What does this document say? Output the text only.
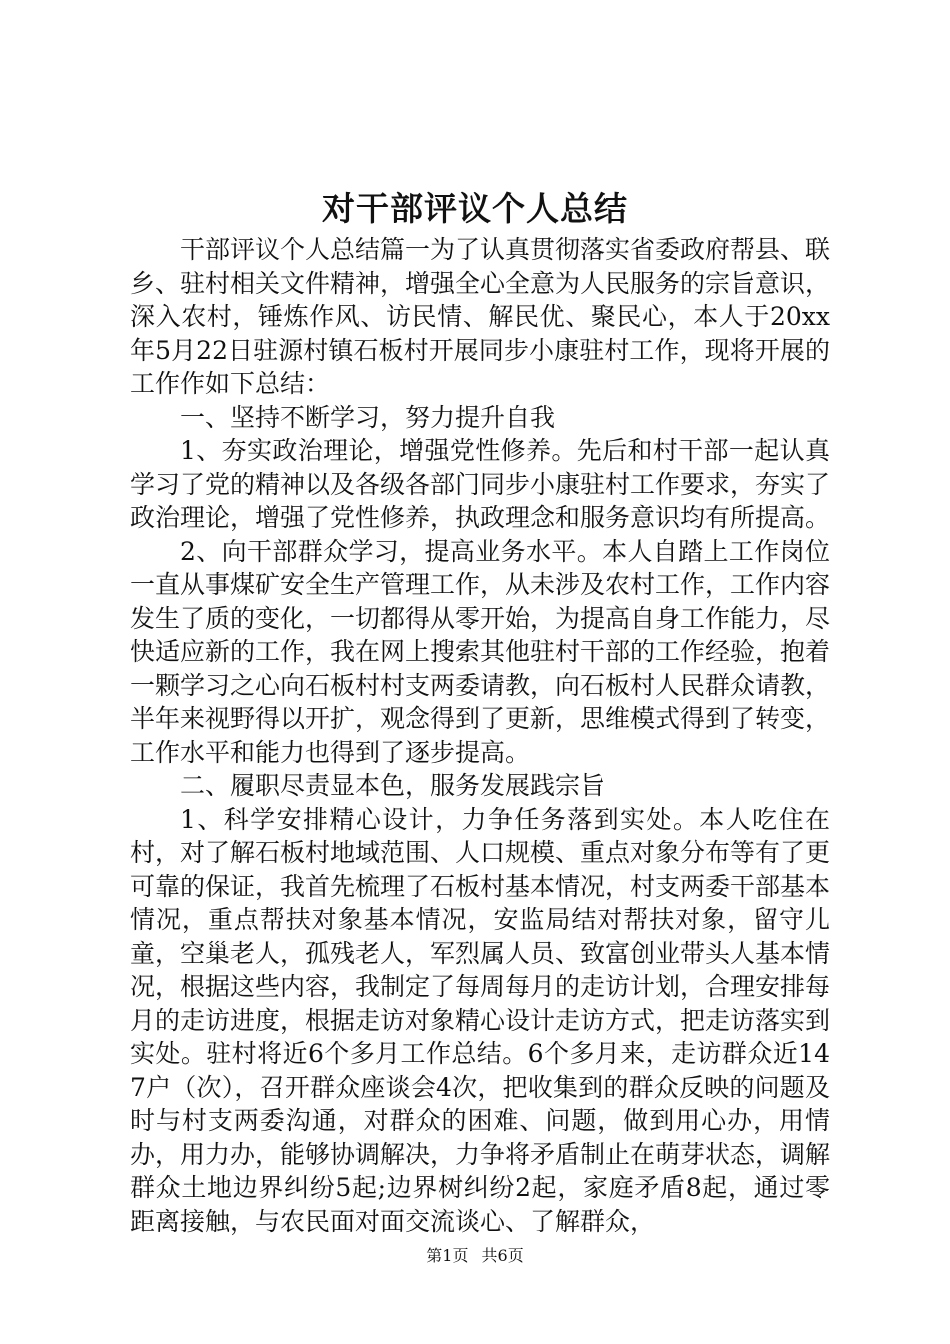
对干部评议个人总结

干部评议个人总结篇一为了认真贯彻落实省委政府帮县、联乡、驻村相关文件精神，增强全心全意为人民服务的宗旨意识，深入农村，锤炼作风、访民情、解民优、聚民心，本人于20xx年5月22日驻源村镇石板村开展同步小康驻村工作，现将开展的工作作如下总结：

一、坚持不断学习，努力提升自我

1、夯实政治理论，增强党性修养。先后和村干部一起认真学习了党的精神以及各级各部门同步小康驻村工作要求，夯实了政治理论，增强了党性修养，执政理念和服务意识均有所提高。

2、向干部群众学习，提高业务水平。本人自踏上工作岗位一直从事煤矿安全生产管理工作，从未涉及农村工作，工作内容发生了质的变化，一切都得从零开始，为提高自身工作能力，尽快适应新的工作，我在网上搜索其他驻村干部的工作经验，抱着一颗学习之心向石板村村支两委请教，向石板村人民群众请教，半年来视野得以开扩，观念得到了更新，思维模式得到了转变，工作水平和能力也得到了逐步提高。

二、履职尽责显本色，服务发展践宗旨

1、科学安排精心设计，力争任务落到实处。本人吃住在村，对了解石板村地域范围、人口规模、重点对象分布等有了更可靠的保证，我首先梳理了石板村基本情况，村支两委干部基本情况，重点帮扶对象基本情况，安监局结对帮扶对象，留守儿童，空巢老人，孤残老人，军烈属人员、致富创业带头人基本情况，根据这些内容，我制定了每周每月的走访计划，合理安排每月的走访进度，根据走访对象精心设计走访方式，把走访落实到实处。驻村将近6个多月工作总结。6个多月来，走访群众近147户（次），召开群众座谈会4次，把收集到的群众反映的问题及时与村支两委沟通，对群众的困难、问题，做到用心办，用情办，用力办，能够协调解决，力争将矛盾制止在萌芽状态，调解群众土地边界纠纷5起;边界树纠纷2起，家庭矛盾8起，通过零距离接触，与农民面对面交流谈心、了解群众，

第1页 共6页
